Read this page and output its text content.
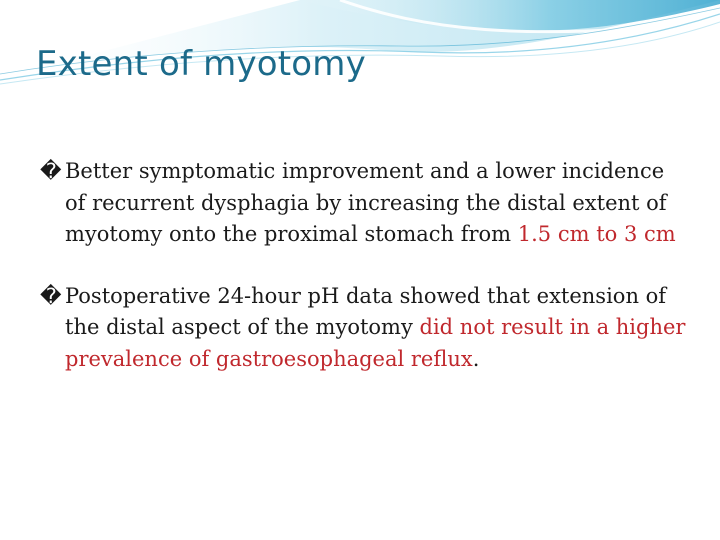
Extent of myotomy
� Better symptomatic improvement and a lower incidence of recurrent dysphagia by increasing the distal extent of myotomy onto the proximal stomach from 1.5 cm to 3 cm
� Postoperative 24-hour pH data showed that extension of the distal aspect of the myotomy did not result in a higher prevalence of gastroesophageal reflux.
